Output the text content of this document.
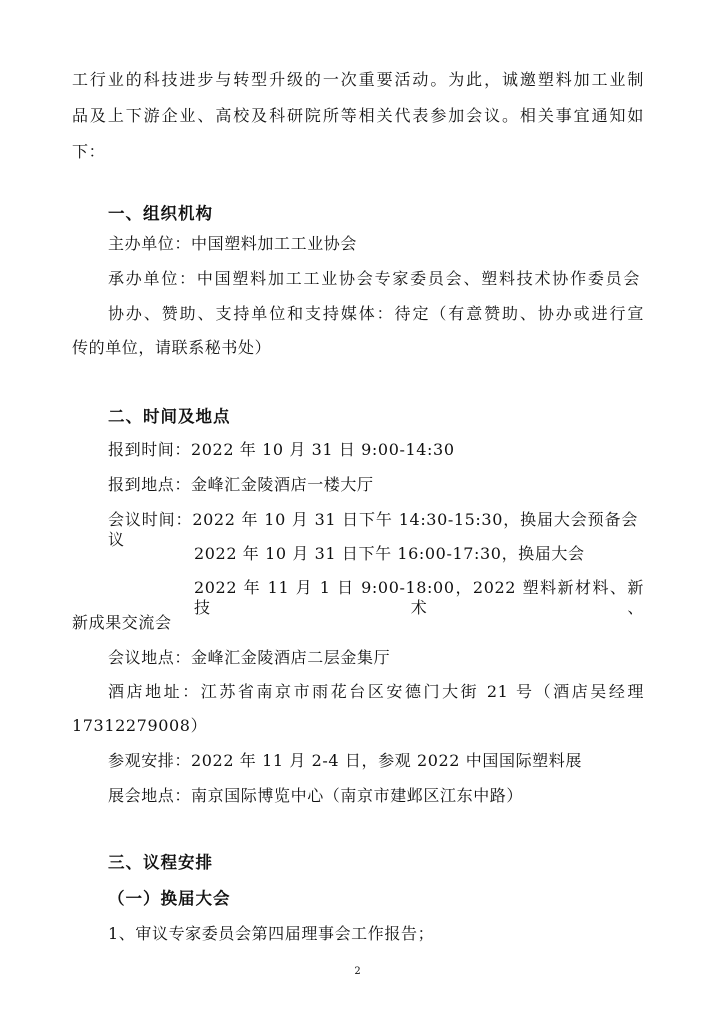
工行业的科技进步与转型升级的一次重要活动。为此，诚邀塑料加工业制
品及上下游企业、高校及科研院所等相关代表参加会议。相关事宜通知如
下：
一、组织机构
主办单位：中国塑料加工工业协会
承办单位：中国塑料加工工业协会专家委员会、塑料技术协作委员会
协办、赞助、支持单位和支持媒体：待定（有意赞助、协办或进行宣
传的单位，请联系秘书处）
二、时间及地点
报到时间：2022 年 10 月 31 日 9:00-14:30
报到地点：金峰汇金陵酒店一楼大厅
会议时间：2022 年 10 月 31 日下午 14:30-15:30，换届大会预备会议
2022 年 10 月 31 日下午 16:00-17:30，换届大会
2022 年 11 月 1 日 9:00-18:00，2022 塑料新材料、新技术、
新成果交流会
会议地点：金峰汇金陵酒店二层金集厅
酒店地址：江苏省南京市雨花台区安德门大街 21 号（酒店吴经理
17312279008）
参观安排：2022 年 11 月 2-4 日，参观 2022 中国国际塑料展
展会地点：南京国际博览中心（南京市建邺区江东中路）
三、议程安排
（一）换届大会
1、审议专家委员会第四届理事会工作报告；
2
